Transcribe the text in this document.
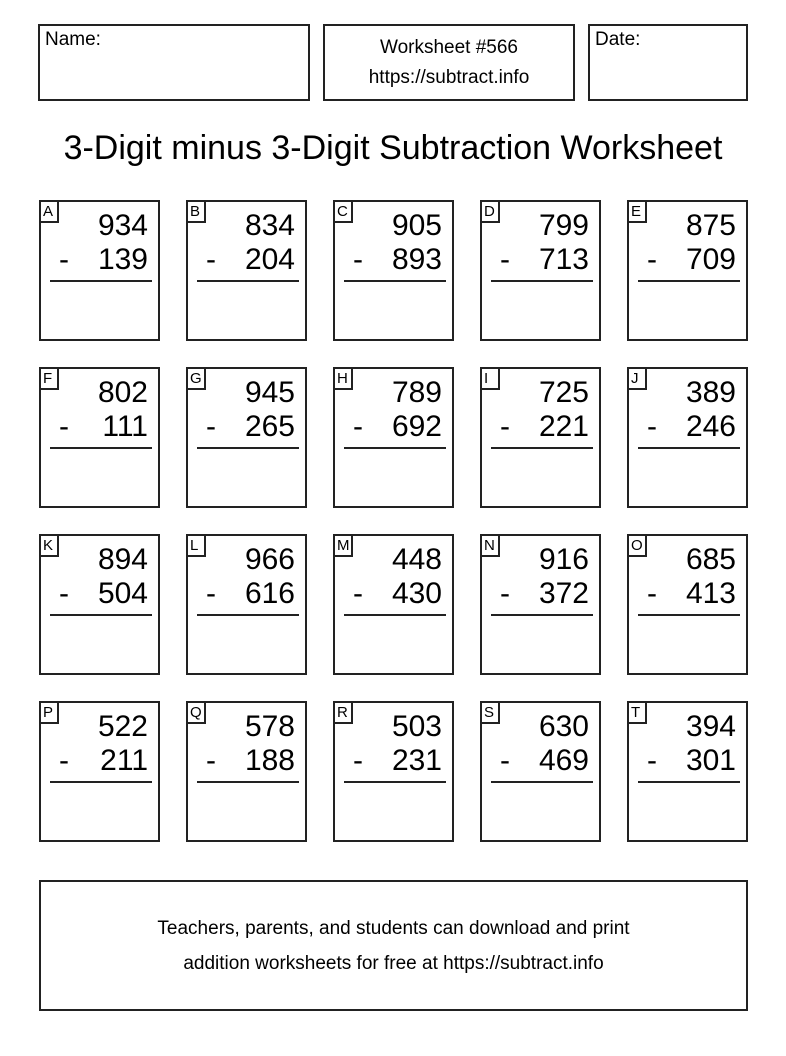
Name:	Worksheet #566
https://subtract.info
Date:
3-Digit minus 3-Digit Subtraction Worksheet
A 934
- 139
B 834
- 204
C 905
- 893
D 799
- 713
E 875
- 709
F 802
- 111
G 945
- 265
H 789
- 692
I	725
- 221
J 389
- 246
K 894
- 504
L 966
- 616
M 448
- 430
N 916
- 372
O 685
- 413
P 522
- 211
Q 578
- 188
R 503
- 231
S 630
- 469
T 394
- 301
Teachers, parents, and students can download and print
addition worksheets for free at https://subtract.info
